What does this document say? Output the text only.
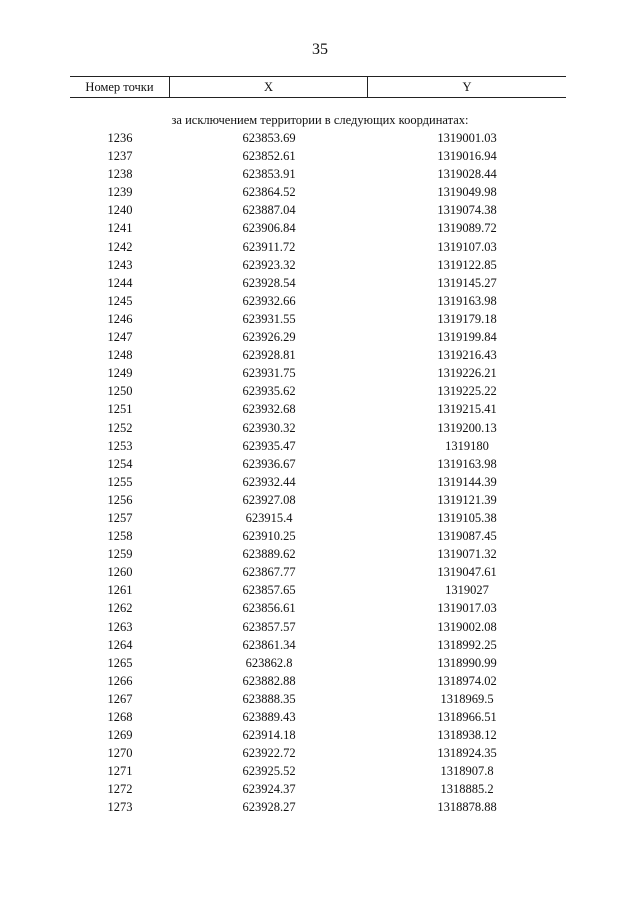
35
Номер точки	X	Y
за исключением территории в следующих координатах:
1236	623853.69	1319001.03
1237	623852.61	1319016.94
1238	623853.91	1319028.44
1239	623864.52	1319049.98
1240	623887.04	1319074.38
1241	623906.84	1319089.72
1242	623911.72	1319107.03
1243	623923.32	1319122.85
1244	623928.54	1319145.27
1245	623932.66	1319163.98
1246	623931.55	1319179.18
1247	623926.29	1319199.84
1248	623928.81	1319216.43
1249	623931.75	1319226.21
1250	623935.62	1319225.22
1251	623932.68	1319215.41
1252	623930.32	1319200.13
1253	623935.47	1319180
1254	623936.67	1319163.98
1255	623932.44	1319144.39
1256	623927.08	1319121.39
1257	623915.4	1319105.38
1258	623910.25	1319087.45
1259	623889.62	1319071.32
1260	623867.77	1319047.61
1261	623857.65	1319027
1262	623856.61	1319017.03
1263	623857.57	1319002.08
1264	623861.34	1318992.25
1265	623862.8	1318990.99
1266	623882.88	1318974.02
1267	623888.35	1318969.5
1268	623889.43	1318966.51
1269	623914.18	1318938.12
1270	623922.72	1318924.35
1271	623925.52	1318907.8
1272	623924.37	1318885.2
1273	623928.27	1318878.88
